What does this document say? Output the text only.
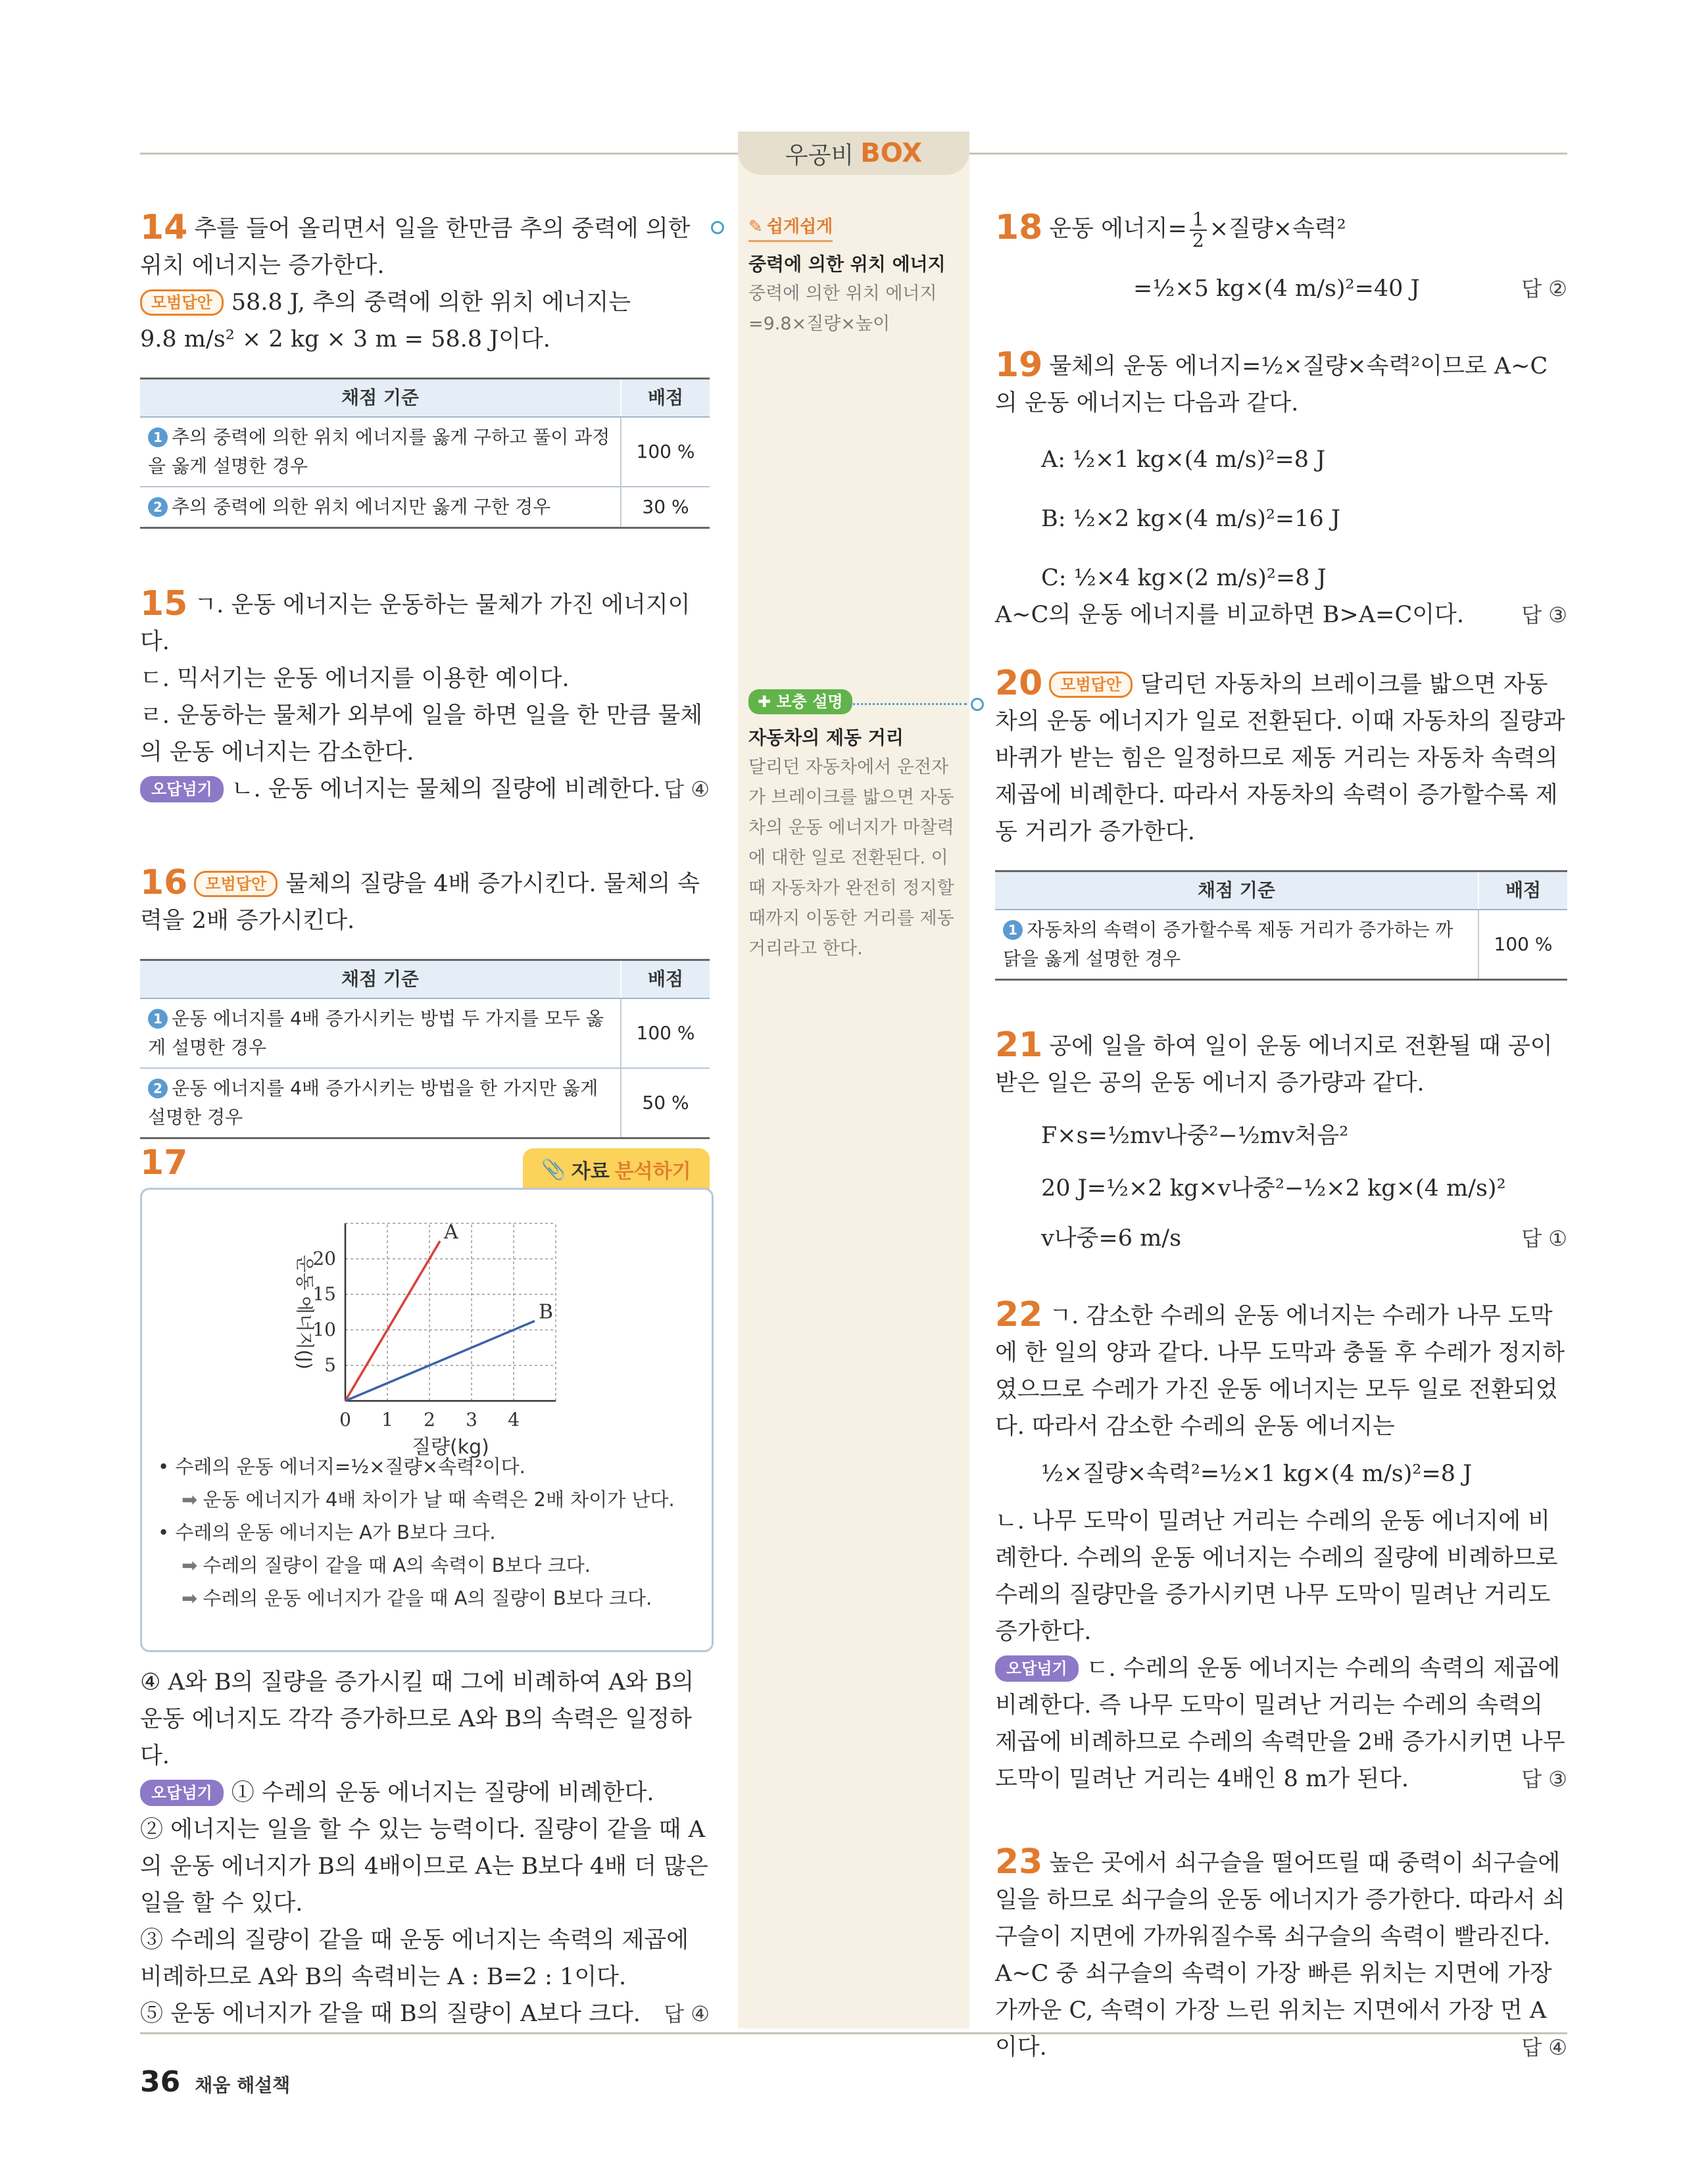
우공비 BOX

14 추를 들어 올리면서 일을 한만큼 추의 중력에 의한 위치 에너지는 증가한다.

모범답안 58.8 J, 추의 중력에 의한 위치 에너지는

9.8 m/s² × 2 kg × 3 m = 58.8 J이다.

채점 기준	배점
1 추의 중력에 의한 위치 에너지를 옳게 구하고 풀이 과정을 옳게 설명한 경우	100 %
2 추의 중력에 의한 위치 에너지만 옳게 구한 경우	30 %

15 ㄱ. 운동 에너지는 운동하는 물체가 가진 에너지이다.

ㄷ. 믹서기는 운동 에너지를 이용한 예이다.

ㄹ. 운동하는 물체가 외부에 일을 하면 일을 한 만큼 물체의 운동 에너지는 감소한다.

오답넘기 ㄴ. 운동 에너지는 물체의 질량에 비례한다. 답 ④

16 모범답안 물체의 질량을 4배 증가시킨다. 물체의 속력을 2배 증가시킨다.

채점 기준	배점
1 운동 에너지를 4배 증가시키는 방법 두 가지를 모두 옳게 설명한 경우	100 %
2 운동 에너지를 4배 증가시키는 방법을 한 가지만 옳게 설명한 경우	50 %

17	📎 자료 분석하기
0 1 2 3 4
5
10
15
20
질량(kg)
운동 에너지(J)
A
B
• 수레의 운동 에너지=½×질량×속력²이다.
➡ 운동 에너지가 4배 차이가 날 때 속력은 2배 차이가 난다.
• 수레의 운동 에너지는 A가 B보다 크다.
➡ 수레의 질량이 같을 때 A의 속력이 B보다 크다.
➡ 수레의 운동 에너지가 같을 때 A의 질량이 B보다 크다.

④ A와 B의 질량을 증가시킬 때 그에 비례하여 A와 B의 운동 에너지도 각각 증가하므로 A와 B의 속력은 일정하다.

오답넘기 ① 수레의 운동 에너지는 질량에 비례한다.

② 에너지는 일을 할 수 있는 능력이다. 질량이 같을 때 A의 운동 에너지가 B의 4배이므로 A는 B보다 4배 더 많은 일을 할 수 있다.

③ 수레의 질량이 같을 때 운동 에너지는 속력의 제곱에 비례하므로 A와 B의 속력비는 A : B=2 : 1이다.

⑤ 운동 에너지가 같을 때 B의 질량이 A보다 크다. 답 ④

✎ 쉽게쉽게
중력에 의한 위치 에너지
중력에 의한 위치 에너지=9.8×질량×높이
✚ 보충 설명
자동차의 제동 거리
달리던 자동차에서 운전자가 브레이크를 밟으면 자동차의 운동 에너지가 마찰력에 대한 일로 전환된다. 이때 자동차가 완전히 정지할 때까지 이동한 거리를 제동 거리라고 한다.

18 운동 에너지= $\frac{1}{2}$ ×질량×속력²

=½×5 kg×(4 m/s)²=40 J	답 ②

19 물체의 운동 에너지=½×질량×속력²이므로 A~C의 운동 에너지는 다음과 같다.

A: ½×1 kg×(4 m/s)²=8 J

B: ½×2 kg×(4 m/s)²=16 J

C: ½×4 kg×(2 m/s)²=8 J

A~C의 운동 에너지를 비교하면 B>A=C이다.	답 ③

20 모범답안 달리던 자동차의 브레이크를 밟으면 자동차의 운동 에너지가 일로 전환된다. 이때 자동차의 질량과 바퀴가 받는 힘은 일정하므로 제동 거리는 자동차 속력의 제곱에 비례한다. 따라서 자동차의 속력이 증가할수록 제동 거리가 증가한다.

채점 기준	배점
1 자동차의 속력이 증가할수록 제동 거리가 증가하는 까닭을 옳게 설명한 경우	100 %

21 공에 일을 하여 일이 운동 에너지로 전환될 때 공이 받은 일은 공의 운동 에너지 증가량과 같다.

F×s=½mv나중²−½mv처음²

20 J=½×2 kg×v나중²−½×2 kg×(4 m/s)²

v나중=6 m/s	답 ①

22 ㄱ. 감소한 수레의 운동 에너지는 수레가 나무 도막에 한 일의 양과 같다. 나무 도막과 충돌 후 수레가 정지하였으므로 수레가 가진 운동 에너지는 모두 일로 전환되었다. 따라서 감소한 수레의 운동 에너지는

½×질량×속력²=½×1 kg×(4 m/s)²=8 J

ㄴ. 나무 도막이 밀려난 거리는 수레의 운동 에너지에 비례한다. 수레의 운동 에너지는 수레의 질량에 비례하므로 수레의 질량만을 증가시키면 나무 도막이 밀려난 거리도 증가한다.

오답넘기 ㄷ. 수레의 운동 에너지는 수레의 속력의 제곱에 비례한다. 즉 나무 도막이 밀려난 거리는 수레의 속력의 제곱에 비례하므로 수레의 속력만을 2배 증가시키면 나무 도막이 밀려난 거리는 4배인 8 m가 된다.	답 ③

23 높은 곳에서 쇠구슬을 떨어뜨릴 때 중력이 쇠구슬에 일을 하므로 쇠구슬의 운동 에너지가 증가한다. 따라서 쇠구슬이 지면에 가까워질수록 쇠구슬의 속력이 빨라진다. A~C 중 쇠구슬의 속력이 가장 빠른 위치는 지면에 가장 가까운 C, 속력이 가장 느린 위치는 지면에서 가장 먼 A이다.	답 ④

36 채움 해설책
